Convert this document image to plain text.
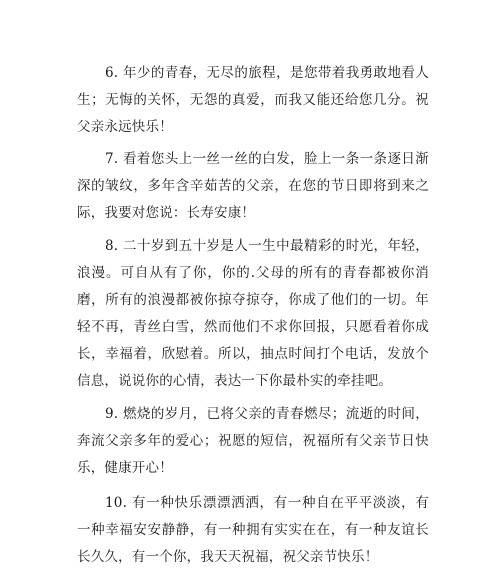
6. 年少的青春，无尽的旅程，是您带着我勇敢地看人生；无悔的关怀，无怨的真爱，而我又能还给您几分。祝父亲永远快乐！

7. 看着您头上一丝一丝的白发，脸上一条一条逐日渐深的皱纹，多年含辛茹苦的父亲，在您的节日即将到来之际，我要对您说：长寿安康！

8. 二十岁到五十岁是人一生中最精彩的时光，年轻，浪漫。可自从有了你，你的.父母的所有的青春都被你消磨，所有的浪漫都被你掠夺掠夺，你成了他们的一切。年轻不再，青丝白雪，然而他们不求你回报，只愿看着你成长，幸福着，欣慰着。所以，抽点时间打个电话，发放个信息，说说你的心情，表达一下你最朴实的牵挂吧。

9. 燃烧的岁月，已将父亲的青春燃尽；流逝的时间，奔流父亲多年的爱心；祝愿的短信，祝福所有父亲节日快乐，健康开心！

10. 有一种快乐漂漂洒洒，有一种自在平平淡淡，有一种幸福安安静静，有一种拥有实实在在，有一种友谊长长久久，有一个你，我天天祝福，祝父亲节快乐！
